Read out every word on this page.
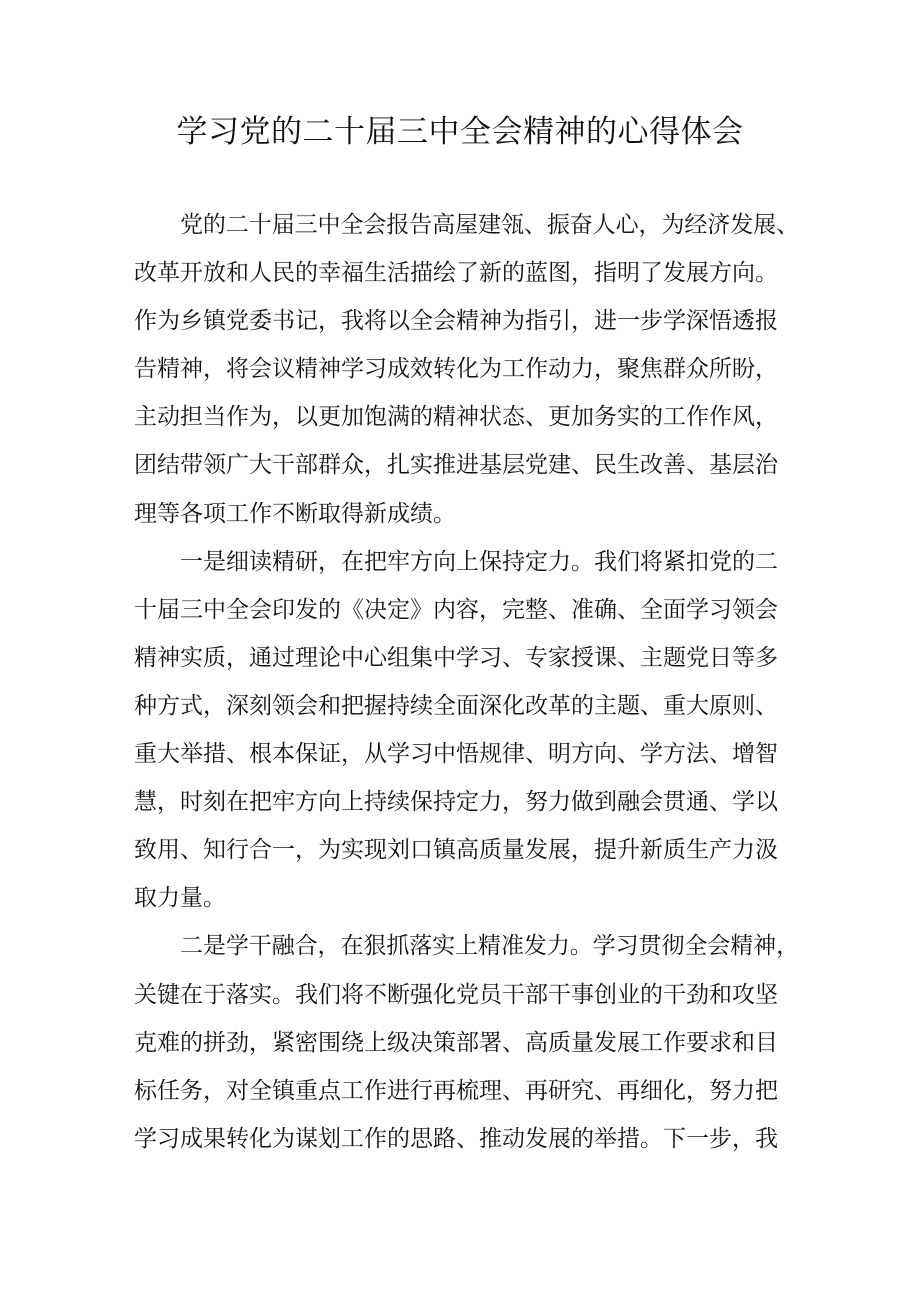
学习党的二十届三中全会精神的心得体会

党的二十届三中全会报告高屋建瓴、振奋人心，为经济发展、
改革开放和人民的幸福生活描绘了新的蓝图，指明了发展方向。
作为乡镇党委书记，我将以全会精神为指引，进一步学深悟透报
告精神，将会议精神学习成效转化为工作动力，聚焦群众所盼，
主动担当作为，以更加饱满的精神状态、更加务实的工作作风，
团结带领广大干部群众，扎实推进基层党建、民生改善、基层治
理等各项工作不断取得新成绩。

一是细读精研，在把牢方向上保持定力。我们将紧扣党的二
十届三中全会印发的《决定》内容，完整、准确、全面学习领会
精神实质，通过理论中心组集中学习、专家授课、主题党日等多
种方式，深刻领会和把握持续全面深化改革的主题、重大原则、
重大举措、根本保证，从学习中悟规律、明方向、学方法、增智
慧，时刻在把牢方向上持续保持定力，努力做到融会贯通、学以
致用、知行合一，为实现刘口镇高质量发展，提升新质生产力汲
取力量。

二是学干融合，在狠抓落实上精准发力。学习贯彻全会精神，
关键在于落实。我们将不断强化党员干部干事创业的干劲和攻坚
克难的拼劲，紧密围绕上级决策部署、高质量发展工作要求和目
标任务，对全镇重点工作进行再梳理、再研究、再细化，努力把
学习成果转化为谋划工作的思路、推动发展的举措。下一步，我
